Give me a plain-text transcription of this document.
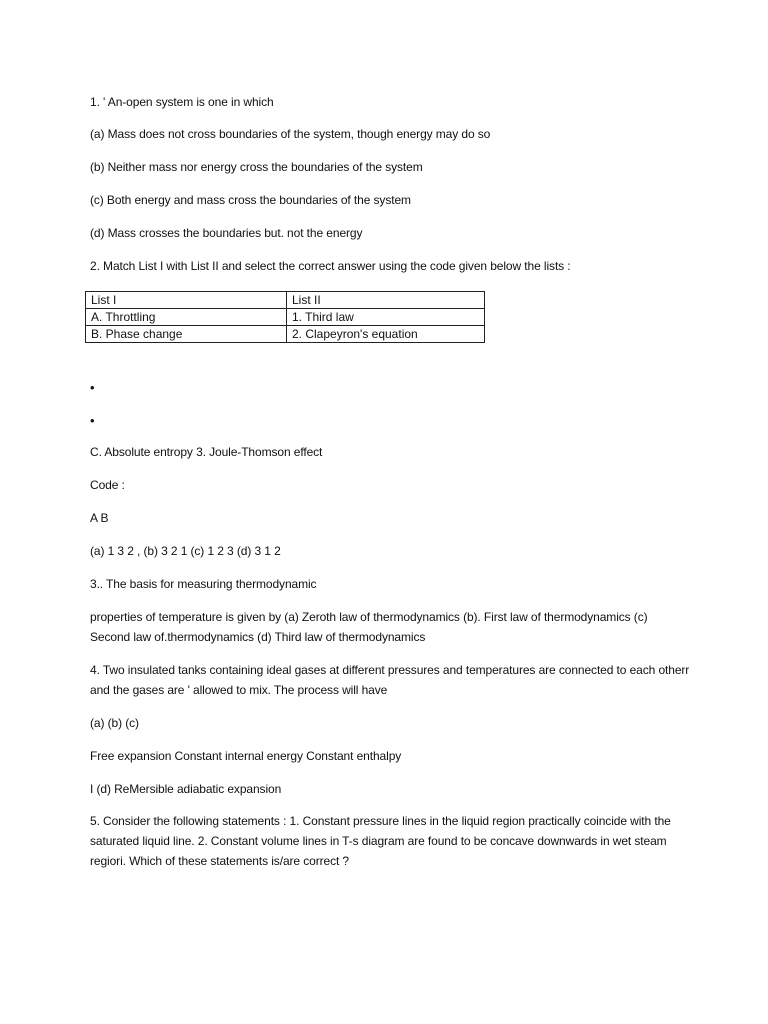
1. ' An-open system is one in which
(a) Mass does not cross boundaries of the system, though energy may do so
(b) Neither mass nor energy cross the boundaries of the system
(c) Both energy and mass cross the boundaries of the system
(d) Mass crosses the boundaries but. not the energy
2. Match List I with List II and select the correct answer using the code given below the lists :
List I	List II
A. Throttling	1. Third law
B. Phase change	2. Clapeyron's equation
•
•
C. Absolute entropy 3. Joule-Thomson effect
Code :
A B
(a) 1 3 2 , (b) 3 2 1 (c) 1 2 3 (d) 3 1 2
3.. The basis for measuring thermodynamic
properties of temperature is given by (a) Zeroth law of thermodynamics (b). First law of thermodynamics (c) Second law of.thermodynamics (d) Third law of thermodynamics
4. Two insulated tanks containing ideal gases at different pressures and temperatures are connected to each otherr and the gases are ' allowed to mix. The process will have
(a) (b) (c)
Free expansion Constant internal energy Constant enthalpy
I (d) ReMersible adiabatic expansion
5. Consider the following statements : 1. Constant pressure lines in the liquid region practically coincide with the saturated liquid line. 2. Constant volume lines in T-s diagram are found to be concave downwards in wet steam regiori. Which of these statements is/are correct ?
